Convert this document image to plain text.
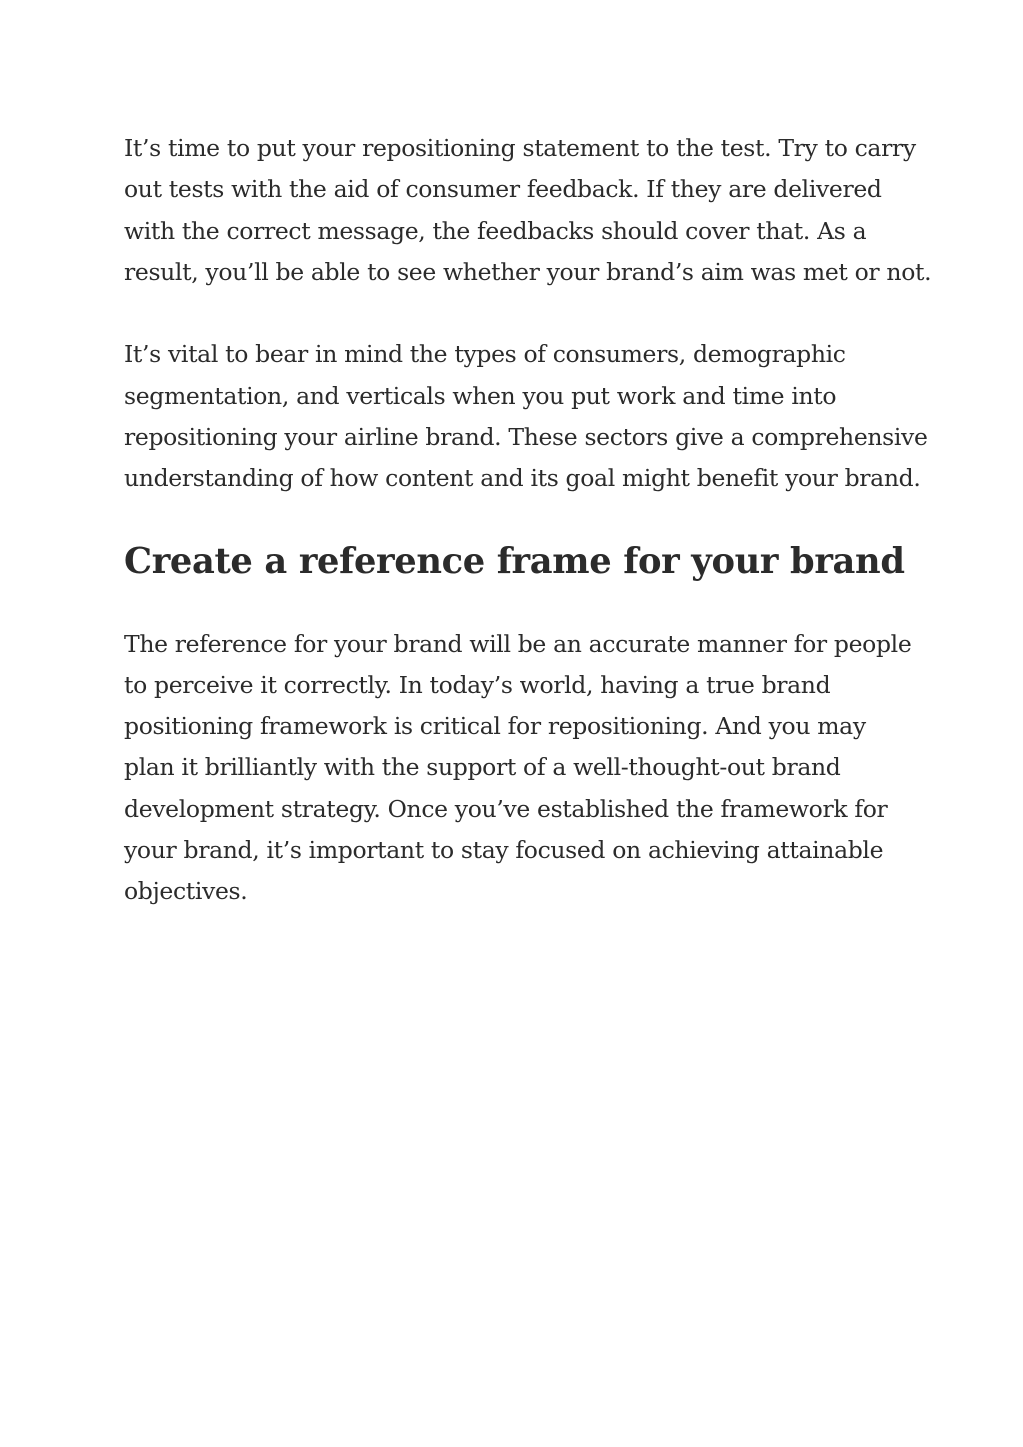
It’s time to put your repositioning statement to the test. Try to carry
out tests with the aid of consumer feedback. If they are delivered
with the correct message, the feedbacks should cover that. As a
result, you’ll be able to see whether your brand’s aim was met or not.

It’s vital to bear in mind the types of consumers, demographic
segmentation, and verticals when you put work and time into
repositioning your airline brand. These sectors give a comprehensive
understanding of how content and its goal might benefit your brand.

Create a reference frame for your brand

The reference for your brand will be an accurate manner for people
to perceive it correctly. In today’s world, having a true brand
positioning framework is critical for repositioning. And you may
plan it brilliantly with the support of a well-thought-out brand
development strategy. Once you’ve established the framework for
your brand, it’s important to stay focused on achieving attainable
objectives.
